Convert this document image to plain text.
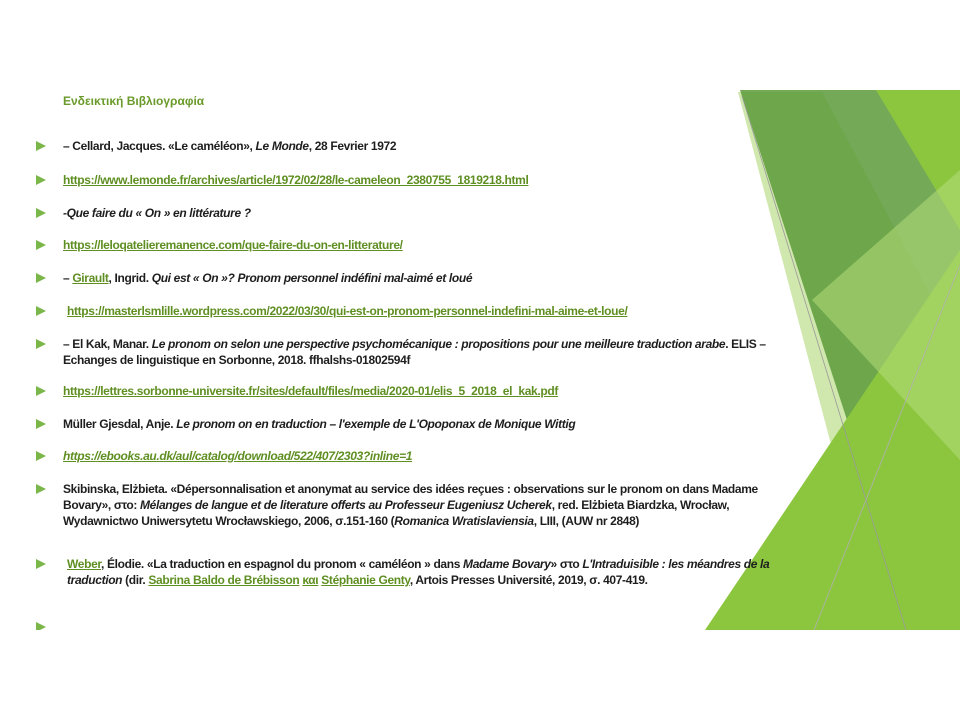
Ενδεικτική Βιβλιογραφία
– Cellard, Jacques. «Le caméléon», Le Monde, 28 Fevrier 1972
https://www.lemonde.fr/archives/article/1972/02/28/le-cameleon_2380755_1819218.html
-Que faire du « On » en littérature ?
https://leloqatelieremanence.com/que-faire-du-on-en-litterature/
– Girault, Ingrid. Qui est « On »? Pronom personnel indéfini mal-aimé et loué
https://masterlsmlille.wordpress.com/2022/03/30/qui-est-on-pronom-personnel-indefini-mal-aime-et-loue/
– El Kak, Manar. Le pronom on selon une perspective psychomécanique : propositions pour une meilleure traduction arabe. ELIS – Echanges de linguistique en Sorbonne, 2018. ffhalshs-01802594f
https://lettres.sorbonne-universite.fr/sites/default/files/media/2020-01/elis_5_2018_el_kak.pdf
Müller Gjesdal, Anje. Le pronom on en traduction – l'exemple de L'Opoponax de Monique Wittig
https://ebooks.au.dk/aul/catalog/download/522/407/2303?inline=1
Skibinska, Elżbieta. «Dépersonnalisation et anonymat au service des idées reçues : observations sur le pronom on dans Madame Bovary», στο: Mélanges de langue et de literature offerts au Professeur Eugeniusz Ucherek, red. Elżbieta Biardzka, Wrocław, Wydawnictwo Uniwersytetu Wrocławskiego, 2006, σ.151-160 (Romanica Wratislaviensia, LIII, (AUW nr 2848)
Weber, Élodie. «La traduction en espagnol du pronom « caméléon » dans Madame Bovary» στο L'Intraduisible : les méandres de la traduction (dir. Sabrina Baldo de Brébisson και Stéphanie Genty, Artois Presses Université, 2019, σ. 407-419.
